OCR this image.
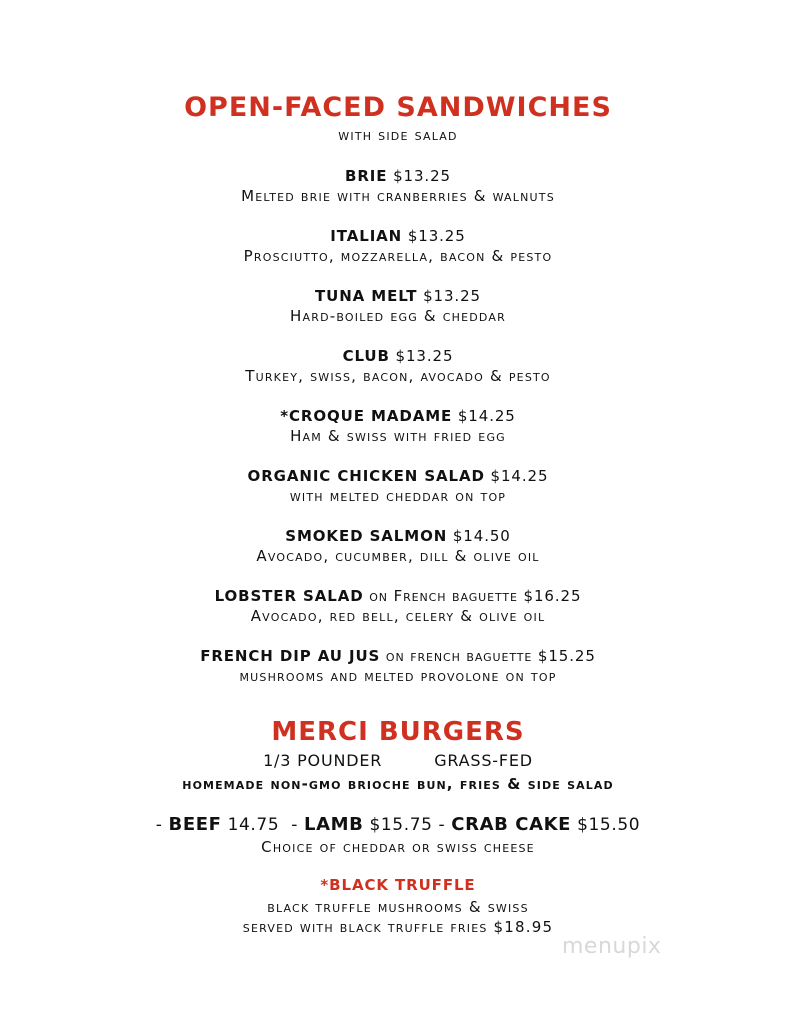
OPEN-FACED SANDWICHES
with side salad
BRIE $13.25
Melted brie with cranberries & walnuts
ITALIAN $13.25
Prosciutto, mozzarella, bacon & pesto
TUNA MELT $13.25
Hard-boiled egg & cheddar
CLUB $13.25
Turkey, swiss, bacon, avocado & pesto
*CROQUE MADAME $14.25
Ham & swiss with fried egg
ORGANIC CHICKEN SALAD $14.25
with melted cheddar on top
SMOKED SALMON $14.50
Avocado, cucumber, dill & olive oil
LOBSTER SALAD on French baguette $16.25
Avocado, red bell, celery & olive oil
FRENCH DIP AU JUS on french baguette $15.25
mushrooms and melted provolone on top
MERCI BURGERS
1/3 POUNDER	GRASS-FED
homemade non-gmo brioche bun, fries & side salad
- BEEF 14.75  - LAMB $15.75 - CRAB CAKE $15.50
Choice of cheddar or swiss cheese
*BLACK TRUFFLE
black truffle mushrooms & swiss
served with black truffle fries $18.95
menupix
